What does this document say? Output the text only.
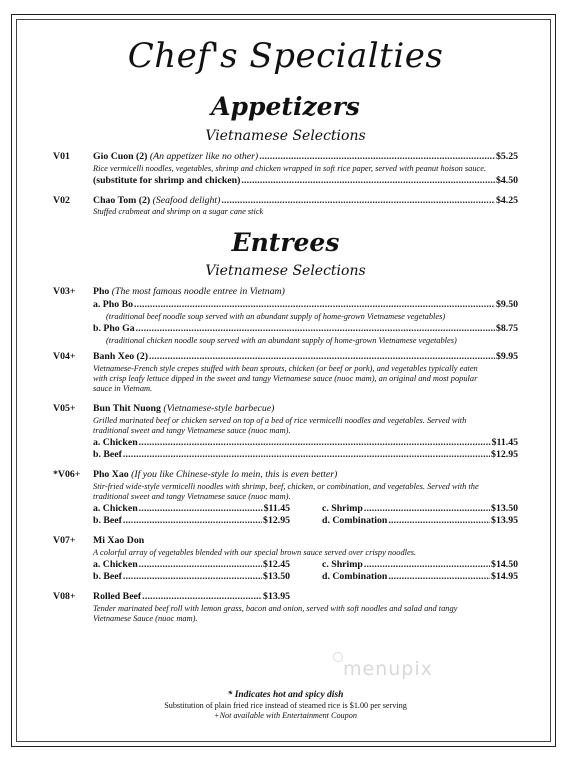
Chef's Specialties
Appetizers
Vietnamese Selections
V01 Gio Cuon (2)
(An appetizer like no other) .....	$5.25
Rice vermicelli noodles, vegetables, shrimp and chicken wrapped in soft rice paper, served with peanut hoison sauce.
(substitute for shrimp and chicken) .....	$4.50
V02 Chao Tom (2)
(Seafood delight) .....	$4.25
Stuffed crabmeat and shrimp on a sugar cane stick
Entrees
Vietnamese Selections
V03+ Pho (The most famous noodle entree in Vietnam)
a. Pho Bo .....	$9.50
(traditional beef noodle soup served with an abundant supply of home-grown Vietnamese vegetables)
b. Pho Ga .....	$8.75
(traditional chicken noodle soup served with an abundant supply of home-grown Vietnamese vegetables)
V04+ Banh Xeo (2) .....	$9.95
Vietnamese-French style crepes stuffed with bean sprouts, chicken (or beef or pork), and vegetables typically eaten
with crisp leafy lettuce dipped in the sweet and tangy Vietnamese sauce (nuoc mam), an original and most popular
sauce in Vietnam.
V05+ Bun Thit Nuong (Vietnamese-style barbecue)
Grilled marinated beef or chicken served on top of a bed of rice vermicelli noodles and vegetables. Served with
traditional sweet and tangy Vietnamese sauce (nuoc mam).
a. Chicken .....	$11.45
b. Beef .....	$12.95
*V06+ Pho Xao (If you like Chinese-style lo mein, this is even better)
Stir-fried wide-style vermicelli noodles with shrimp, beef, chicken, or combination, and vegetables. Served with the
traditional sweet and tangy Vietnamese sauce (nuoc mam).
a. Chicken .....	$11.45
b. Beef .....	$12.95
c. Shrimp .....	$13.50
d. Combination .....	$13.95
V07+ Mi Xao Don
A colorful array of vegetables blended with our special brown sauce served over crispy noodles.
a. Chicken .....	$12.45
b. Beef .....	$13.50
c. Shrimp .....	$14.50
d. Combination .....	$14.95
V08+ Rolled Beef .....	$13.95
Tender marinated beef roll with lemon grass, bacon and onion, served with soft noodles and salad and tangy
Vietnamese Sauce (nuoc mam).
menupix
* Indicates hot and spicy dish
Substitution of plain fried rice instead of steamed rice is $1.00 per serving
+Not available with Entertainment Coupon
